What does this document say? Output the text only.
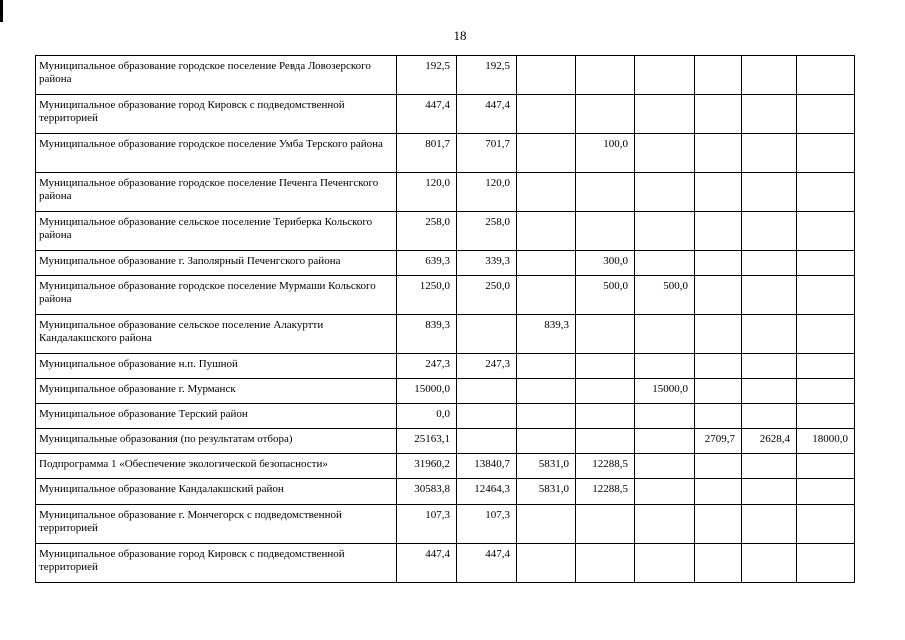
18
Муниципальное образование городское поселение Ревда Ловозерского района	192,5	192,5						
Муниципальное образование город Кировск с подведомственной территорией	447,4	447,4						
Муниципальное образование городское поселение Умба Терского района	801,7	701,7		100,0				
Муниципальное образование городское поселение Печенга Печенгского района	120,0	120,0						
Муниципальное образование сельское поселение Териберка Кольского района	258,0	258,0						
Муниципальное образование г. Заполярный Печенгского района	639,3	339,3		300,0				
Муниципальное образование городское поселение Мурмаши Кольского района	1250,0	250,0		500,0	500,0			
Муниципальное образование сельское поселение Алакуртти Кандалакшского района	839,3		839,3					
Муниципальное образование н.п. Пушной	247,3	247,3						
Муниципальное образование г. Мурманск	15000,0				15000,0			
Муниципальное образование Терский район	0,0							
Муниципальные образования (по результатам отбора)	25163,1					2709,7	2628,4	18000,0
Подпрограмма 1 «Обеспечение экологической безопасности»	31960,2	13840,7	5831,0	12288,5				
Муниципальное образование Кандалакшский район	30583,8	12464,3	5831,0	12288,5				
Муниципальное образование г. Мончегорск с подведомственной территорией	107,3	107,3						
Муниципальное образование город Кировск с подведомственной территорией	447,4	447,4						
